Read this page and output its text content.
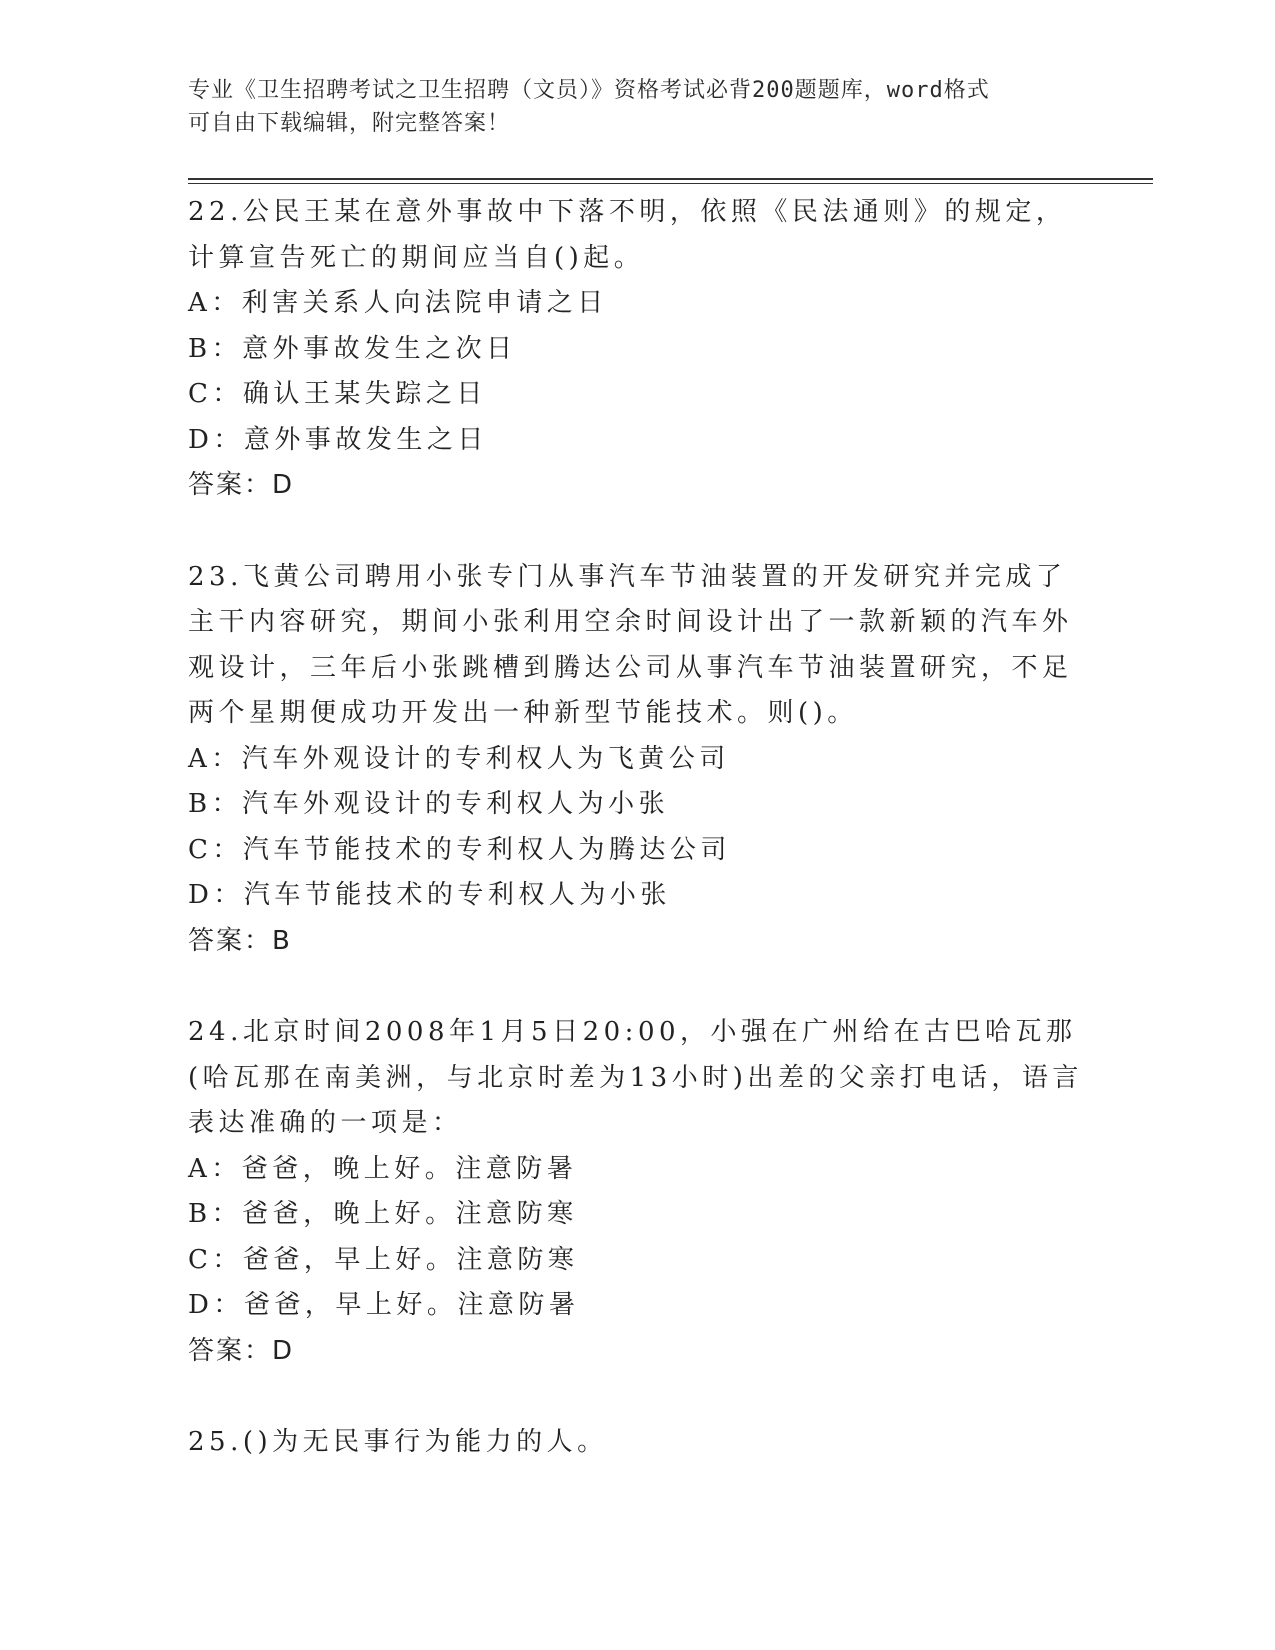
专业《卫生招聘考试之卫生招聘（文员）》资格考试必背200题题库，word格式
可自由下载编辑，附完整答案！
22.公民王某在意外事故中下落不明，依照《民法通则》的规定，计算宣告死亡的期间应当自()起。
A：利害关系人向法院申请之日
B：意外事故发生之次日
C：确认王某失踪之日
D：意外事故发生之日
答案：D
23.飞黄公司聘用小张专门从事汽车节油装置的开发研究并完成了主干内容研究，期间小张利用空余时间设计出了一款新颖的汽车外观设计，三年后小张跳槽到腾达公司从事汽车节油装置研究，不足两个星期便成功开发出一种新型节能技术。则()。
A：汽车外观设计的专利权人为飞黄公司
B：汽车外观设计的专利权人为小张
C：汽车节能技术的专利权人为腾达公司
D：汽车节能技术的专利权人为小张
答案：B
24.北京时间2008年1月5日20:00，小强在广州给在古巴哈瓦那(哈瓦那在南美洲，与北京时差为13小时)出差的父亲打电话，语言表达准确的一项是：
A：爸爸，晚上好。注意防暑
B：爸爸，晚上好。注意防寒
C：爸爸，早上好。注意防寒
D：爸爸，早上好。注意防暑
答案：D
25.()为无民事行为能力的人。
